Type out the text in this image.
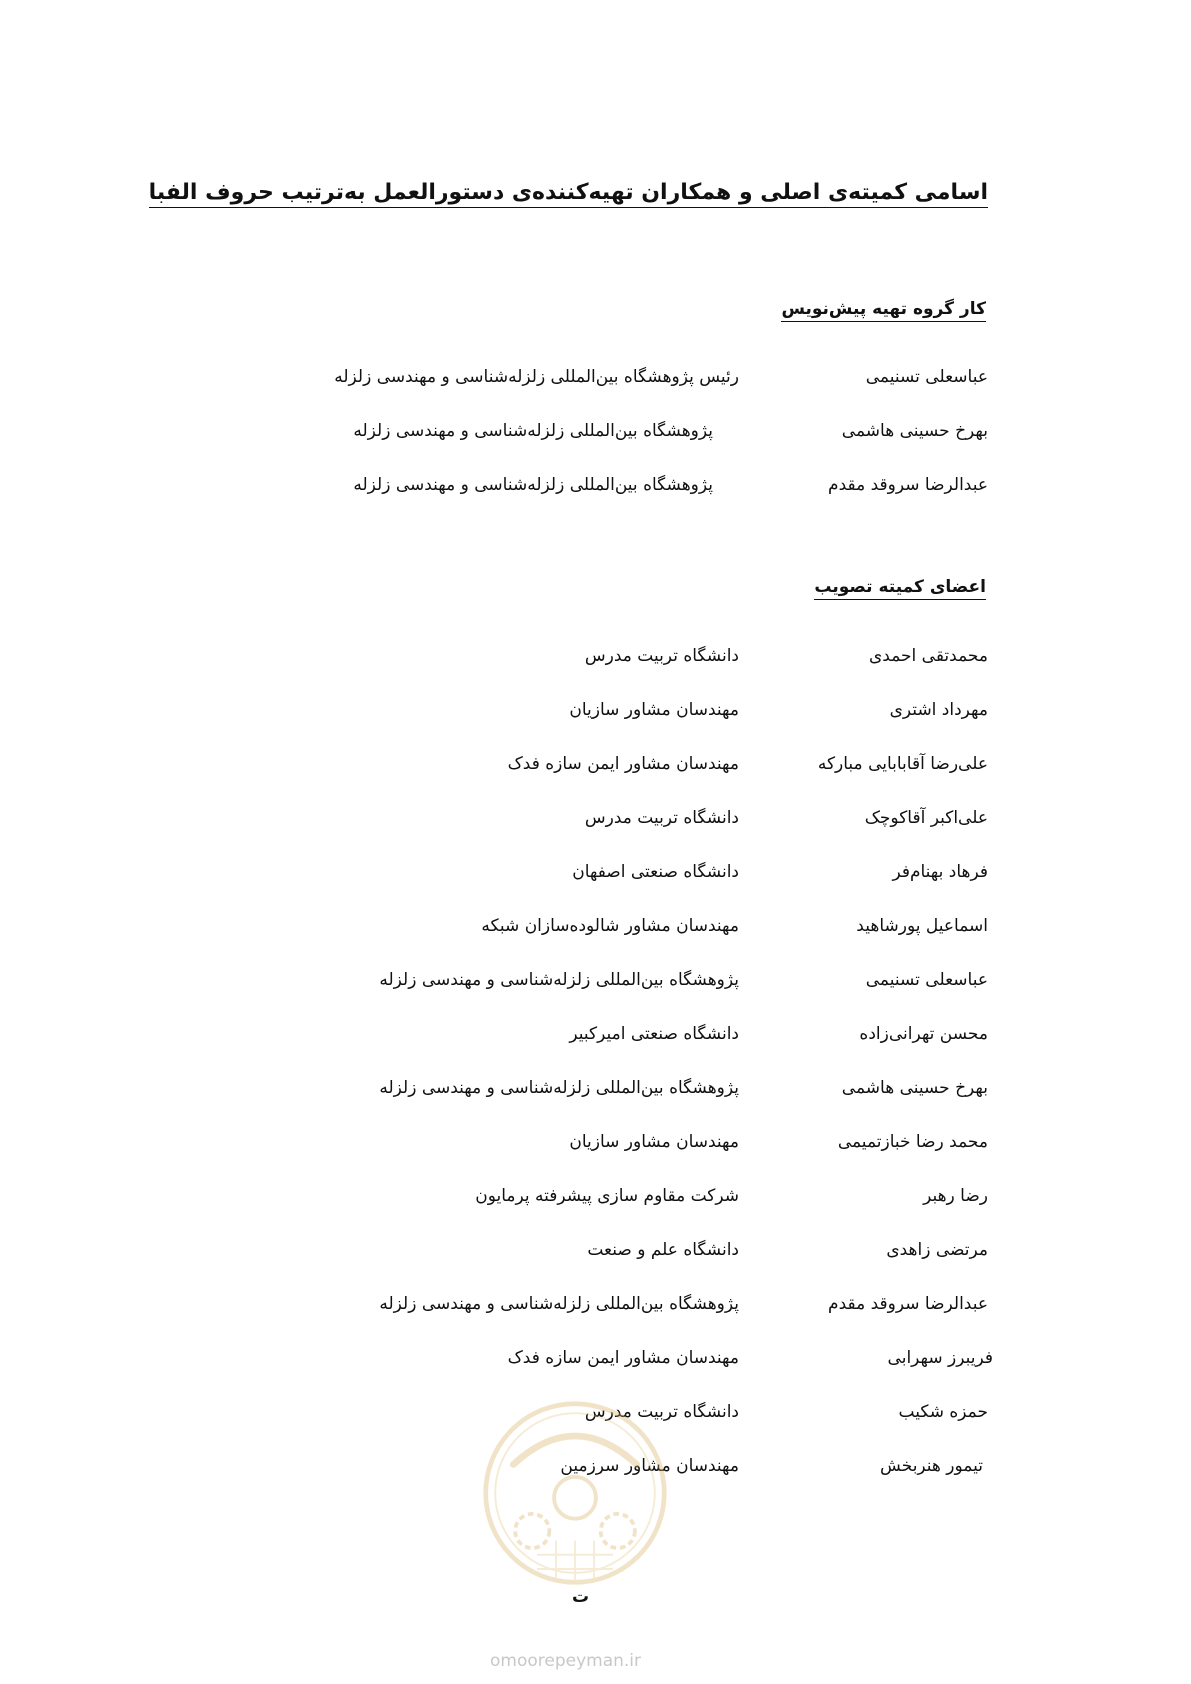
اسامی کمیته‌ی اصلی و همکاران تهیه‌کننده‌ی دستورالعمل به‌ترتیب حروف الفبا
کار گروه تهیه پیش‌نویس
عباسعلی تسنیمی
رئیس پژوهشگاه بین‌المللی زلزله‌شناسی و مهندسی زلزله
بهرخ حسینی هاشمی
پژوهشگاه بین‌المللی زلزله‌شناسی و مهندسی زلزله
عبدالرضا سروقد مقدم
پژوهشگاه بین‌المللی زلزله‌شناسی و مهندسی زلزله
اعضای کمیته تصویب
محمدتقی احمدی
دانشگاه تربیت مدرس
مهرداد اشتری
مهندسان مشاور سازیان
علی‌رضا آقابابایی مبارکه
مهندسان مشاور ایمن سازه فدک
علی‌اکبر آقاکوچک
دانشگاه تربیت مدرس
فرهاد بهنام‌فر
دانشگاه صنعتی اصفهان
اسماعیل پورشاهید
مهندسان مشاور شالوده‌سازان شبکه
عباسعلی تسنیمی
پژوهشگاه بین‌المللی زلزله‌شناسی و مهندسی زلزله
محسن تهرانی‌زاده
دانشگاه صنعتی امیرکبیر
بهرخ حسینی هاشمی
پژوهشگاه بین‌المللی زلزله‌شناسی و مهندسی زلزله
محمد رضا خبازتمیمی
مهندسان مشاور سازیان
رضا رهبر
شرکت مقاوم سازی پیشرفته پرمایون
مرتضی زاهدی
دانشگاه علم و صنعت
عبدالرضا سروقد مقدم
پژوهشگاه بین‌المللی زلزله‌شناسی و مهندسی زلزله
فریبرز سهرابی
مهندسان مشاور ایمن سازه فدک
حمزه شکیب
دانشگاه تربیت مدرس
تیمور هنربخش
مهندسان مشاور سرزمین
ت
omoorepeyman.ir
